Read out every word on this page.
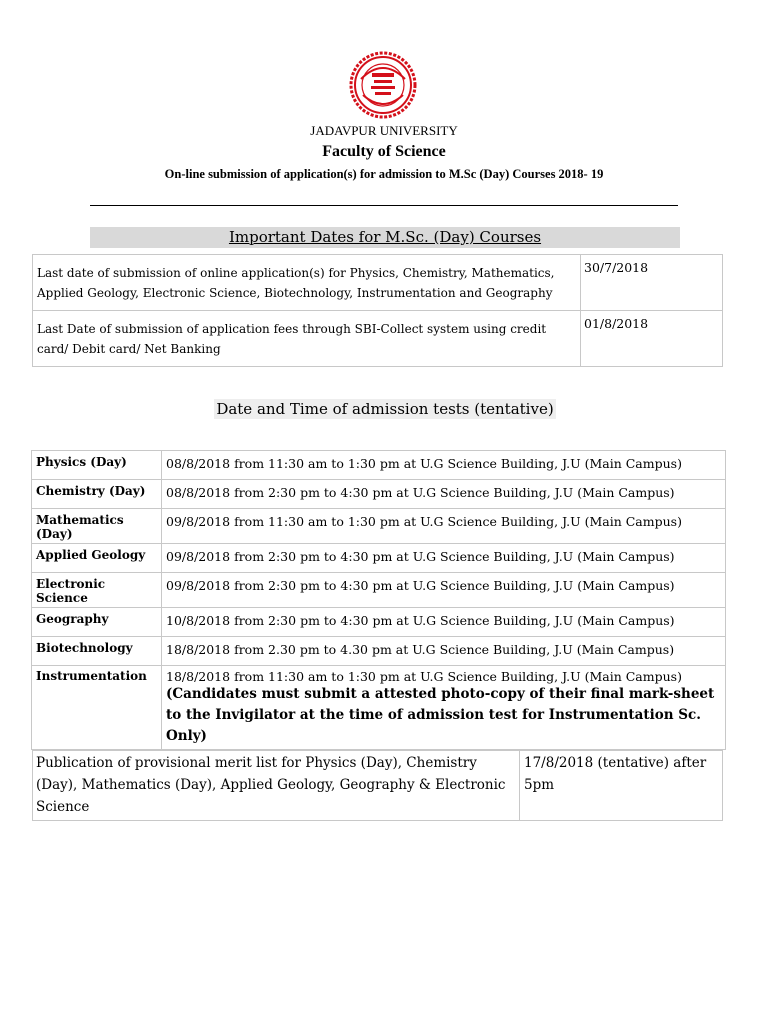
JADAVPUR UNIVERSITY
Faculty of Science
On-line submission of application(s) for admission to M.Sc (Day) Courses 2018- 19
Important Dates for M.Sc. (Day) Courses
Last date of submission of online application(s) for Physics, Chemistry, Mathematics, Applied Geology, Electronic Science, Biotechnology, Instrumentation and Geography	30/7/2018
Last Date of submission of application fees through SBI-Collect system using credit card/ Debit card/ Net Banking	01/8/2018
Date and Time of admission tests (tentative)
Physics (Day)	08/8/2018 from 11:30 am to 1:30 pm at U.G Science Building, J.U (Main Campus)
Chemistry (Day)	08/8/2018 from 2:30 pm to 4:30 pm at U.G Science Building, J.U (Main Campus)
Mathematics (Day)	09/8/2018 from 11:30 am to 1:30 pm at U.G Science Building, J.U (Main Campus)
Applied Geology	09/8/2018 from 2:30 pm to 4:30 pm at U.G Science Building, J.U (Main Campus)
Electronic Science	09/8/2018 from 2:30 pm to 4:30 pm at U.G Science Building, J.U (Main Campus)
Geography	10/8/2018 from 2:30 pm to 4:30 pm at U.G Science Building, J.U (Main Campus)
Biotechnology	18/8/2018 from 2.30 pm to 4.30 pm at U.G Science Building, J.U (Main Campus)
Instrumentation	18/8/2018 from 11:30 am to 1:30 pm at U.G Science Building, J.U (Main Campus)
(Candidates must submit a attested photo-copy of their final mark-sheet to the Invigilator at the time of admission test for Instrumentation Sc. Only)
Publication of provisional merit list for Physics (Day), Chemistry (Day), Mathematics (Day), Applied Geology, Geography & Electronic Science	17/8/2018 (tentative) after 5pm
